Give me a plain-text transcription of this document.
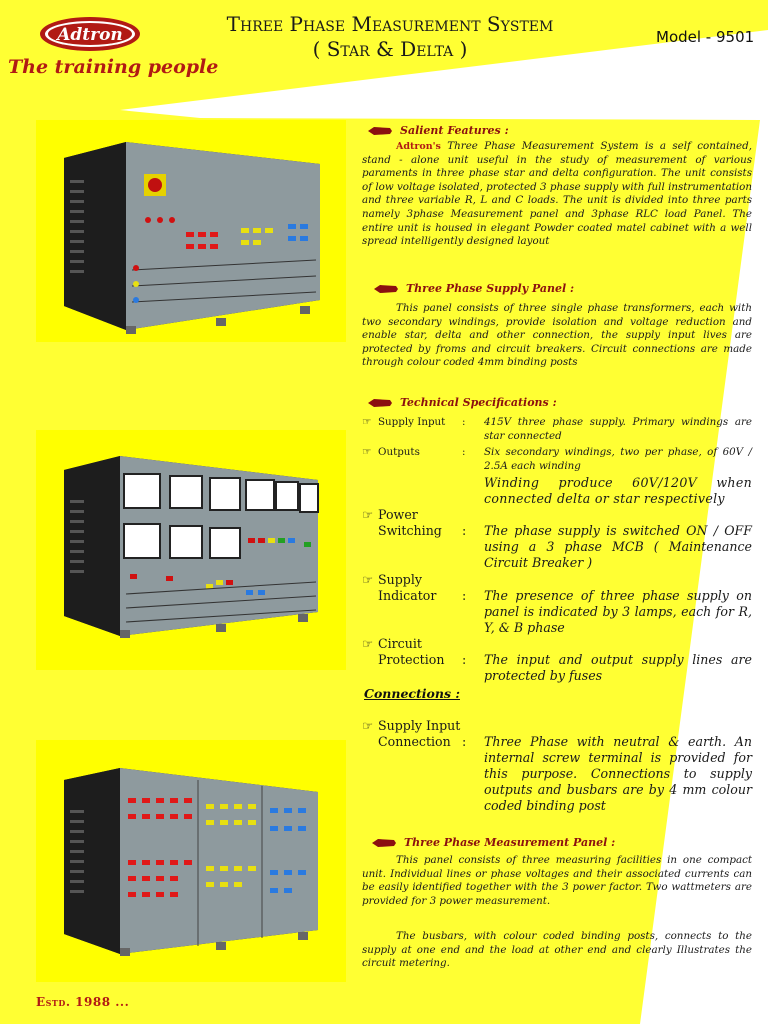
Adtron
The training people
Three Phase Measurement System
( Star & Delta )	Model - 9501
Salient Features :
Adtron's Three Phase Measurement System is a self contained, stand - alone unit useful in the study of measurement of various paraments in three phase star and delta configuration. The unit consists of low voltage isolated, protected 3 phase supply with full instrumentation and three variable R, L and C loads. The unit is divided into three parts namely 3phase Measurement panel and 3phase RLC load Panel. The entire unit is housed in elegant Powder coated matel cabinet with a well spread intelligently designed layout
Three Phase Supply Panel :
This panel consists of three single phase transformers, each with two secondary windings, provide isolation and voltage reduction and enable star, delta and other connection, the supply input lives are protected by froms and circuit breakers. Circuit connections are made through colour coded 4mm binding posts
Technical Specifications :
☞ Supply Input : 415V three phase supply. Primary windings are star connected
☞ Outputs	: Six secondary windings, two per phase, of 60V / 2.5A each winding
Winding produce 60V/120V when connected delta or star respectively
☞ Power
Switching : The phase supply is switched ON / OFF using a 3 phase MCB ( Maintenance Circuit Breaker )
☞ Supply
Indicator : The presence of three phase supply on panel is indicated by 3 lamps, each for R, Y, & B phase
☞ Circuit
Protection : The input and output supply lines are protected by fuses
Connections :
☞ Supply Input
Connection : Three Phase with neutral & earth. An internal screw terminal is provided for this purpose. Connections to supply outputs and busbars are by 4 mm colour coded binding post
Three Phase Measurement Panel :
This panel consists of three measuring facilities in one compact unit. Individual lines or phase voltages and their associated currents can be easily identified together with the 3 power factor. Two wattmeters are provided for 3 power measurement.
The busbars, with colour coded binding posts, connects to the supply at one end and the load at other end and clearly Illustrates the circuit metering.
Estd. 1988 ...
